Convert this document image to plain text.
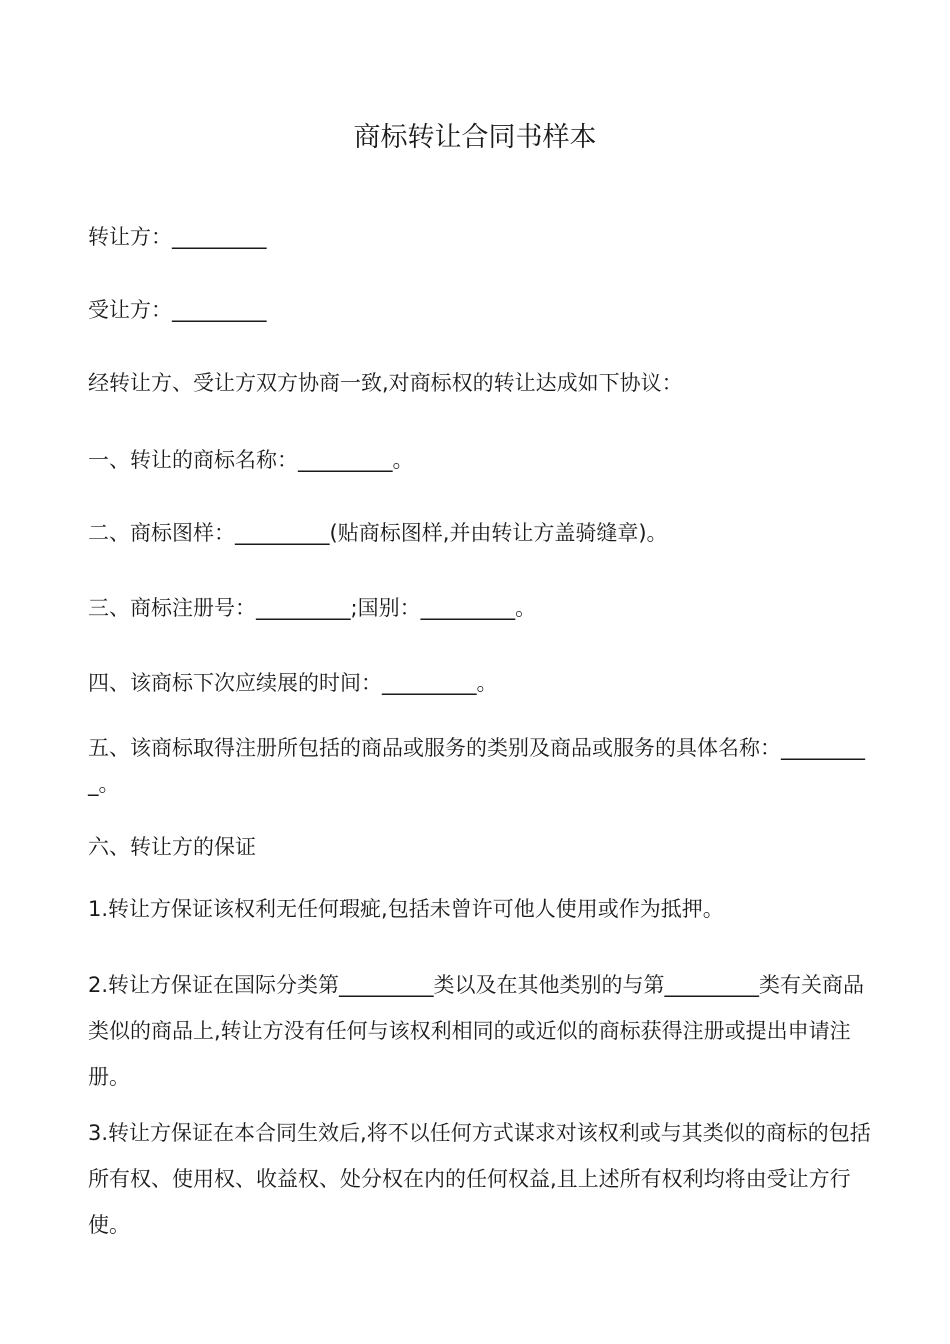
商标转让合同书样本
转让方：_________
受让方：_________
经转让方、受让方双方协商一致,对商标权的转让达成如下协议：
一、转让的商标名称：_________。
二、商标图样：_________(贴商标图样,并由转让方盖骑缝章)。
三、商标注册号：_________;国别：_________。
四、该商标下次应续展的时间：_________。
五、该商标取得注册所包括的商品或服务的类别及商品或服务的具体名称：_________。
六、转让方的保证
1.转让方保证该权利无任何瑕疵,包括未曾许可他人使用或作为抵押。
2.转让方保证在国际分类第_________类以及在其他类别的与第_________类有关商品类似的商品上,转让方没有任何与该权利相同的或近似的商标获得注册或提出申请注册。
3.转让方保证在本合同生效后,将不以任何方式谋求对该权利或与其类似的商标的包括所有权、使用权、收益权、处分权在内的任何权益,且上述所有权利均将由受让方行使。
